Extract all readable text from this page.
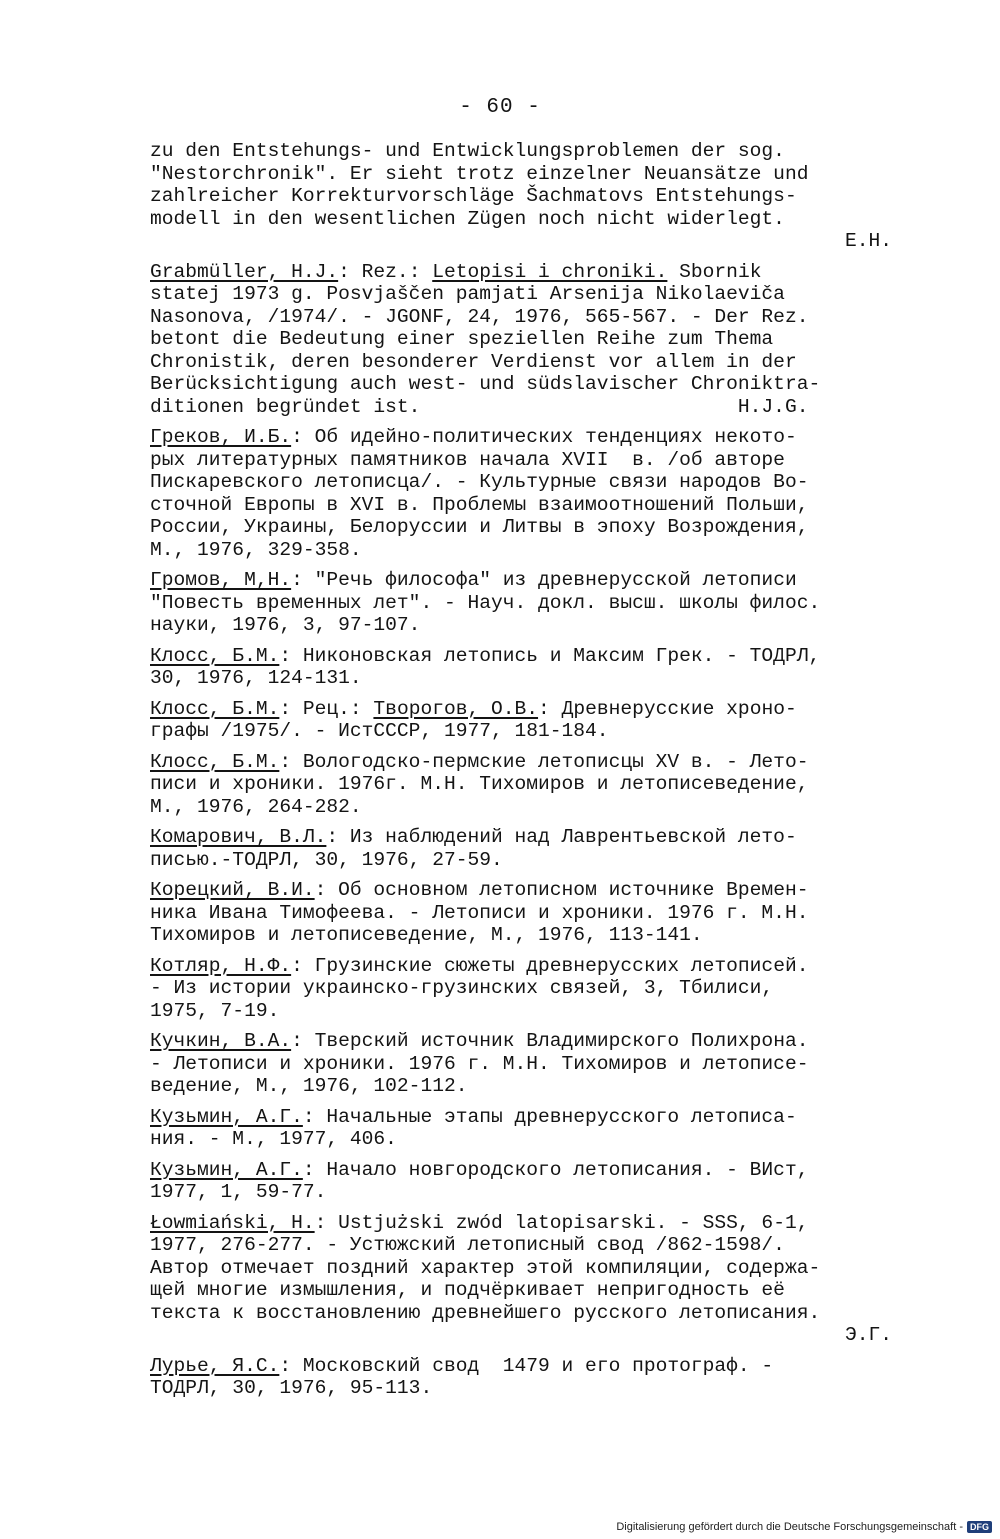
- 60 -
zu den Entstehungs- und Entwicklungsproblemen der sog.
"Nestorchronik". Er sieht trotz einzelner Neuansätze und
zahlreicher Korrekturvorschläge Šachmatovs Entstehungs-
modell in den wesentlichen Zügen noch nicht widerlegt.
E.H.
Grabmüller, H.J.: Rez.: Letopisi i chroniki. Sbornik
statej 1973 g. Posvjaščen pamjati Arsenija Nikolaeviča
Nasonova, /1974/. - JGONF, 24, 1976, 565-567. - Der Rez.
betont die Bedeutung einer speziellen Reihe zum Thema
Chronistik, deren besonderer Verdienst vor allem in der
Berücksichtigung auch west- und südslavischer Chroniktra-
ditionen begründet ist.                           H.J.G.
Греков, И.Б.: Об идейно-политических тенденциях некото-
рых литературных памятников начала XVII  в. /об авторе
Пискаревского летописца/. - Культурные связи народов Во-
сточной Европы в XVI в. Проблемы взаимоотношений Польши,
России, Украины, Белоруссии и Литвы в эпоху Возрождения,
М., 1976, 329-358.
Громов, М,Н.: "Речь философа" из древнерусской летописи
"Повесть временных лет". - Науч. докл. высш. школы филос.
науки, 1976, 3, 97-107.
Клосс, Б.М.: Никоновская летопись и Максим Грек. - ТОДРЛ,
30, 1976, 124-131.
Клосс, Б.М.: Рец.: Творогов, О.В.: Древнерусские хроно-
графы /1975/. - ИстСССР, 1977, 181-184.
Клосс, Б.М.: Вологодско-пермские летописцы XV в. - Лето-
писи и хроники. 1976г. М.Н. Тихомиров и летописеведение,
М., 1976, 264-282.
Комарович, В.Л.: Из наблюдений над Лаврентьевской лето-
писью.-ТОДРЛ, 30, 1976, 27-59.
Корецкий, В.И.: Об основном летописном источнике Времен-
ника Ивана Тимофеева. - Летописи и хроники. 1976 г. М.Н.
Тихомиров и летописеведение, М., 1976, 113-141.
Котляр, Н.Ф.: Грузинские сюжеты древнерусских летописей.
- Из истории украинско-грузинских связей, 3, Тбилиси,
1975, 7-19.
Кучкин, В.А.: Тверский источник Владимирского Полихрона.
- Летописи и хроники. 1976 г. М.Н. Тихомиров и летописе-
ведение, М., 1976, 102-112.
Кузьмин, А.Г.: Начальные этапы древнерусского летописа-
ния. - М., 1977, 406.
Кузьмин, А.Г.: Начало новгородского летописания. - ВИст,
1977, 1, 59-77.
Łowmiański, H.: Ustjużski zwód latopisarski. - SSS, 6-1,
1977, 276-277. - Устюжский летописный свод /862-1598/.
Автор отмечает поздний характер этой компиляции, содержа-
щей многие измышления, и подчёркивает непригодность её
текста к восстановлению древнейшего русского летописания.
Э.Г.
Лурье, Я.С.: Московский свод  1479 и его протограф. -
ТОДРЛ, 30, 1976, 95-113.
Digitalisierung gefördert durch die Deutsche Forschungsgemeinschaft - DFG
